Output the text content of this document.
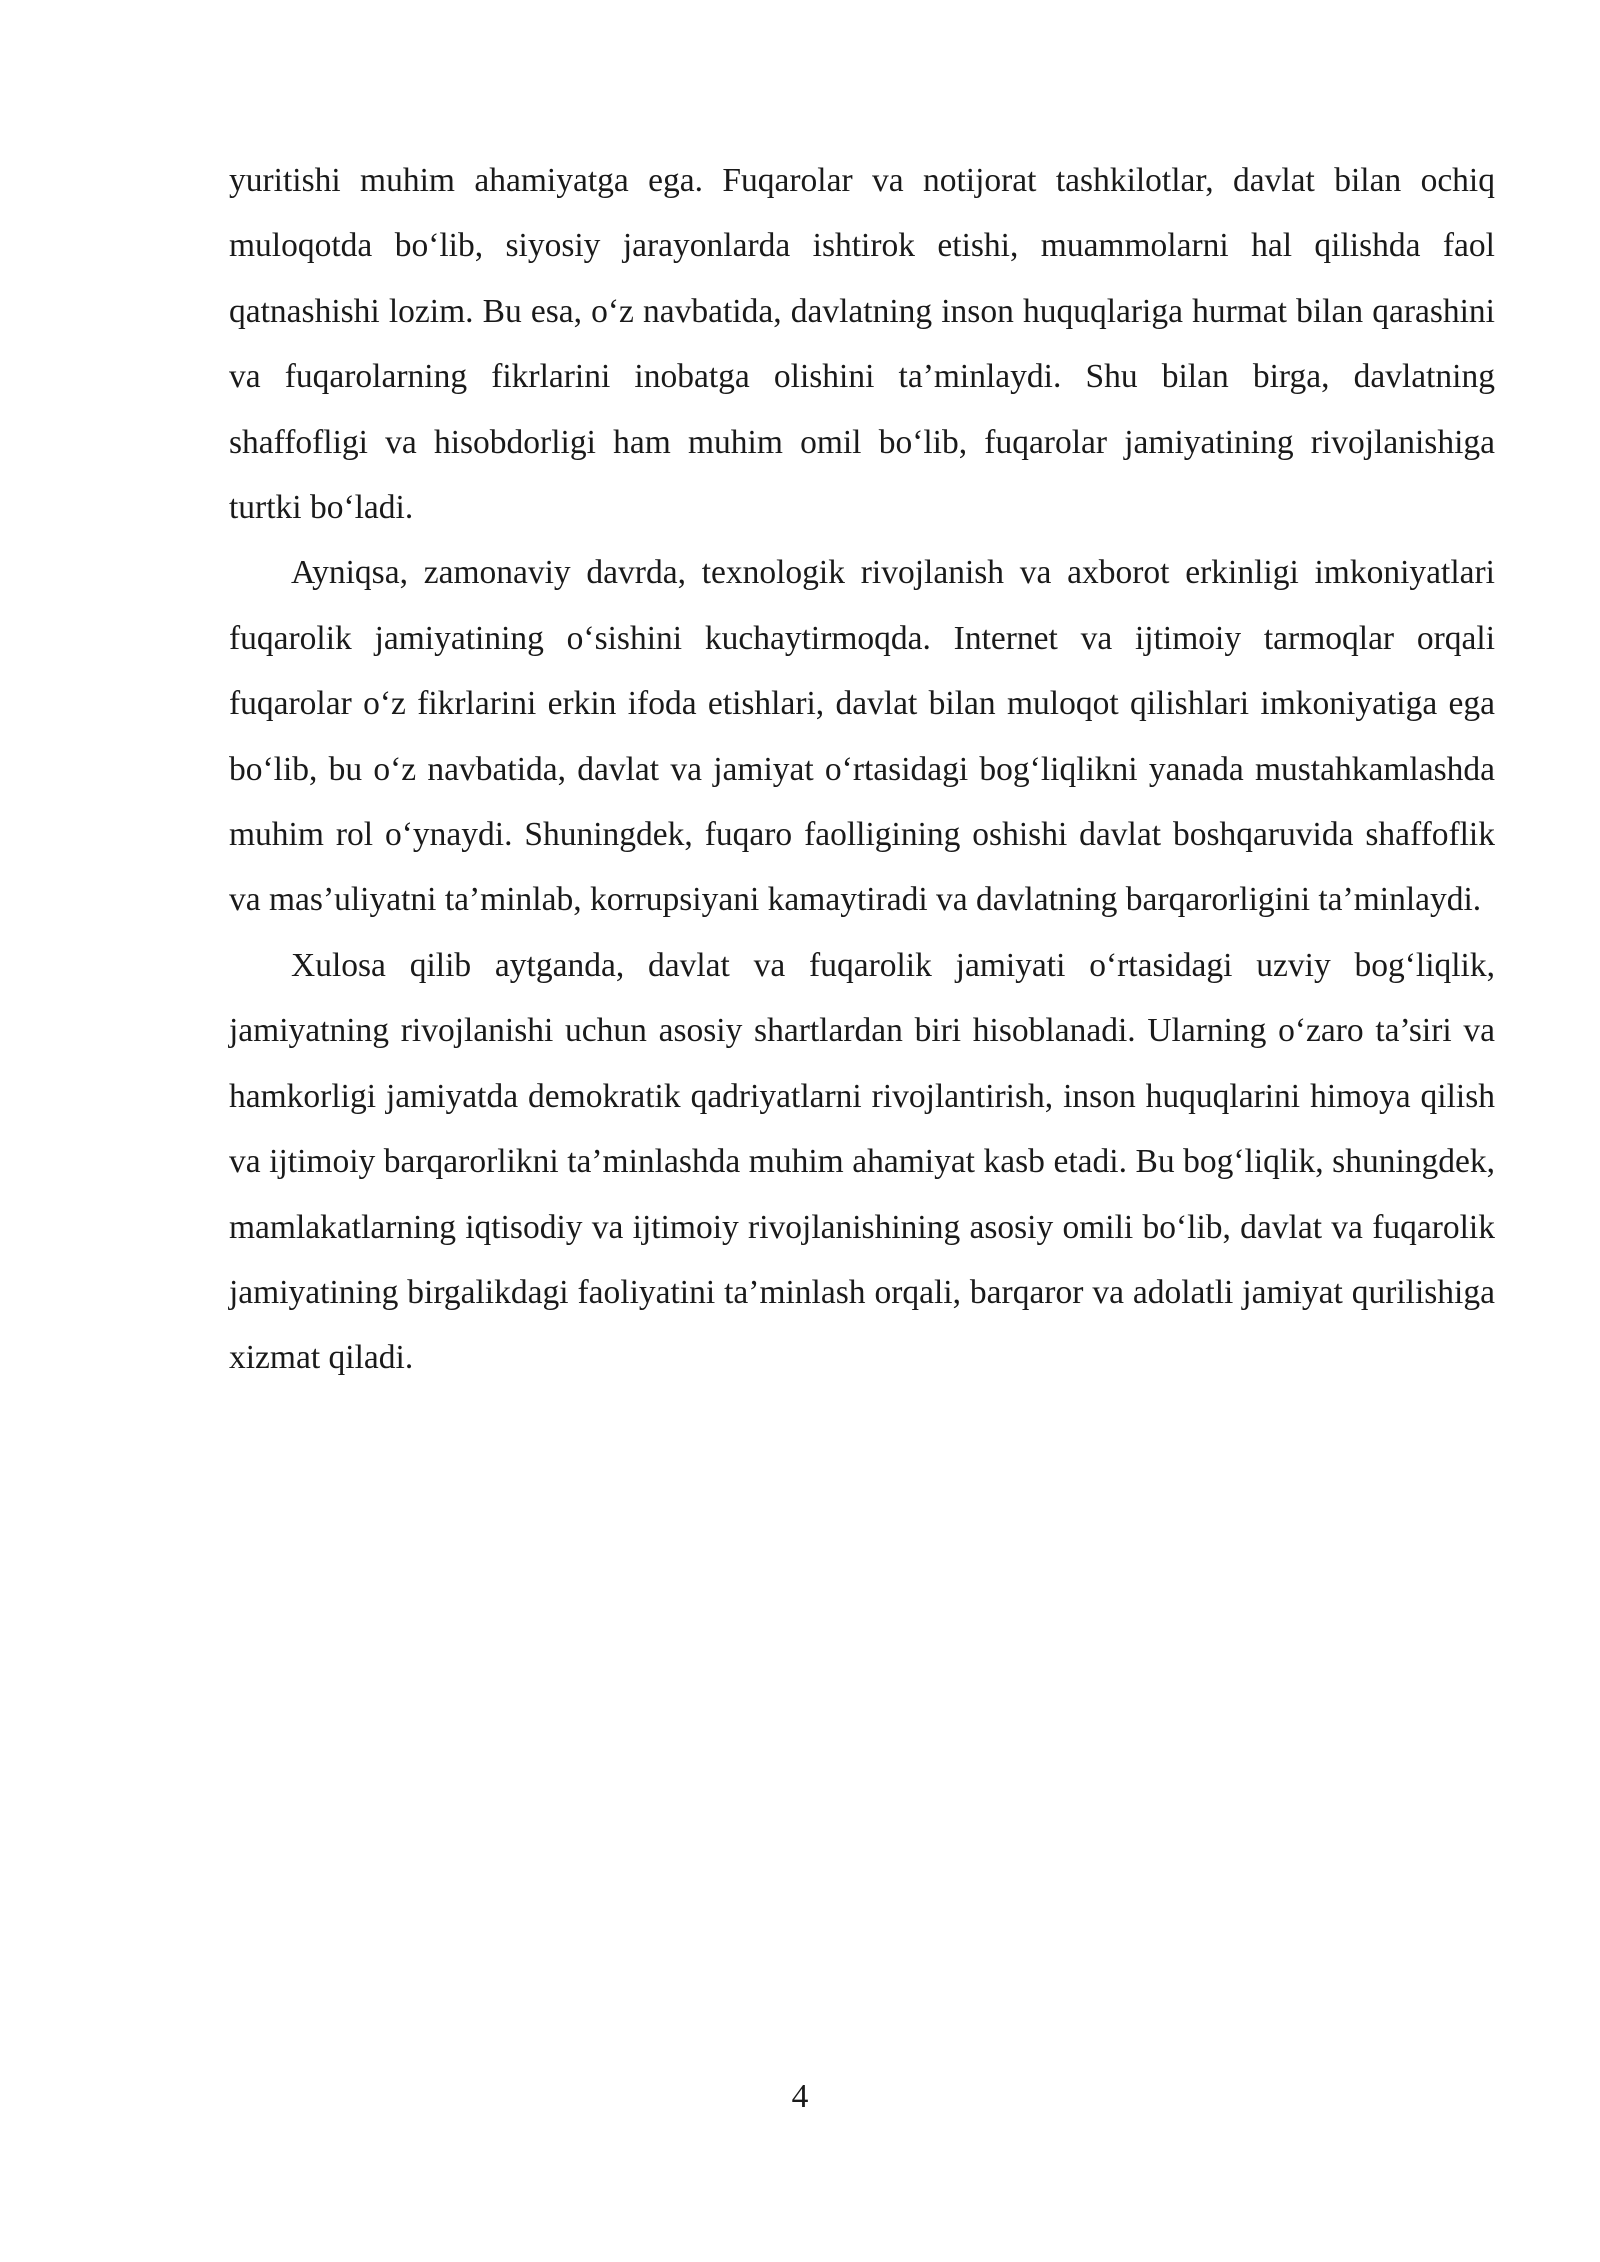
yuritishi muhim ahamiyatga ega. Fuqarolar va notijorat tashkilotlar, davlat bilan ochiq muloqotda bo‘lib, siyosiy jarayonlarda ishtirok etishi, muammolarni hal qilishda faol qatnashishi lozim. Bu esa, o‘z navbatida, davlatning inson huquqlariga hurmat bilan qarashini va fuqarolarning fikrlarini inobatga olishini ta’minlaydi. Shu bilan birga, davlatning shaffofligi va hisobdorligi ham muhim omil bo‘lib, fuqarolar jamiyatining rivojlanishiga turtki bo‘ladi.

Ayniqsa, zamonaviy davrda, texnologik rivojlanish va axborot erkinligi imkoniyatlari fuqarolik jamiyatining o‘sishini kuchaytirmoqda. Internet va ijtimoiy tarmoqlar orqali fuqarolar o‘z fikrlarini erkin ifoda etishlari, davlat bilan muloqot qilishlari imkoniyatiga ega bo‘lib, bu o‘z navbatida, davlat va jamiyat o‘rtasidagi bog‘liqlikni yanada mustahkamlashda muhim rol o‘ynaydi. Shuningdek, fuqaro faolligining oshishi davlat boshqaruvida shaffoflik va mas’uliyatni ta’minlab, korrupsiyani kamaytiradi va davlatning barqarorligini ta’minlaydi.

Xulosa qilib aytganda, davlat va fuqarolik jamiyati o‘rtasidagi uzviy bog‘liqlik, jamiyatning rivojlanishi uchun asosiy shartlardan biri hisoblanadi. Ularning o‘zaro ta’siri va hamkorligi jamiyatda demokratik qadriyatlarni rivojlantirish, inson huquqlarini himoya qilish va ijtimoiy barqarorlikni ta’minlashda muhim ahamiyat kasb etadi. Bu bog‘liqlik, shuningdek, mamlakatlarning iqtisodiy va ijtimoiy rivojlanishining asosiy omili bo‘lib, davlat va fuqarolik jamiyatining birgalikdagi faoliyatini ta’minlash orqali, barqaror va adolatli jamiyat qurilishiga xizmat qiladi.

4
